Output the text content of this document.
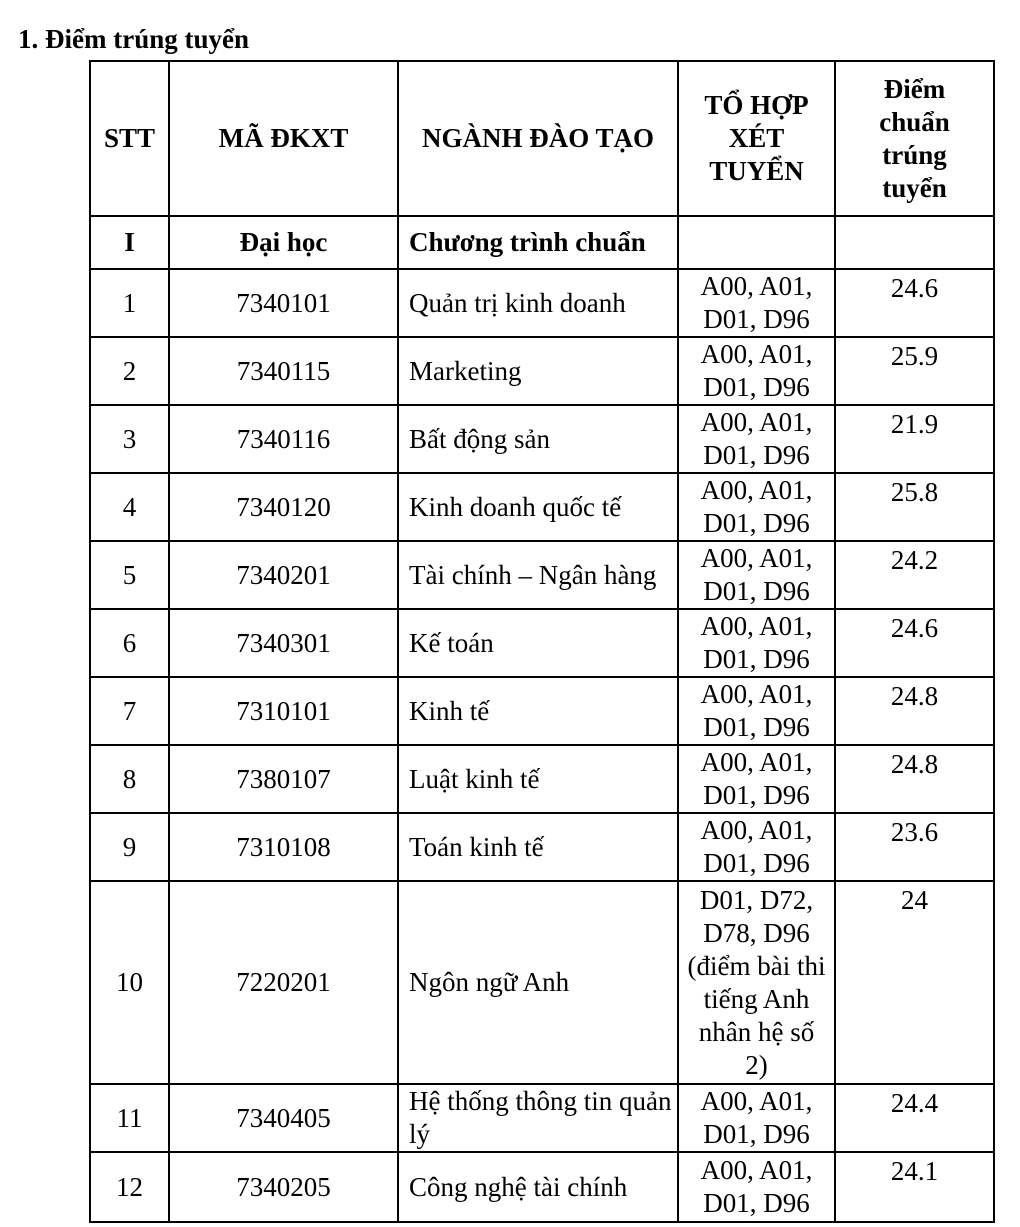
1. Điểm trúng tuyển
STT	MÃ ĐKXT	NGÀNH ĐÀO TẠO	TỔ HỢP XÉT TUYỂN	Điểm chuẩn trúng tuyển
I	Đại học	Chương trình chuẩn		
1	7340101	Quản trị kinh doanh	A00, A01, D01, D96	24.6

2	7340115	Marketing	A00, A01, D01, D96	25.9

3	7340116	Bất động sản	A00, A01, D01, D96	21.9

4	7340120	Kinh doanh quốc tế	A00, A01, D01, D96	25.8

5	7340201	Tài chính – Ngân hàng	A00, A01, D01, D96	24.2

6	7340301	Kế toán	A00, A01, D01, D96	24.6

7	7310101	Kinh tế	A00, A01, D01, D96	24.8

8	7380107	Luật kinh tế	A00, A01, D01, D96	24.8

9	7310108	Toán kinh tế	A00, A01, D01, D96	23.6

10	7220201	Ngôn ngữ Anh	D01, D72, D78, D96 (điểm bài thi tiếng Anh nhân hệ số 2)	24

11	7340405	Hệ thống thông tin quản lý	A00, A01, D01, D96	24.4

12	7340205	Công nghệ tài chính	A00, A01, D01, D96	24.1
